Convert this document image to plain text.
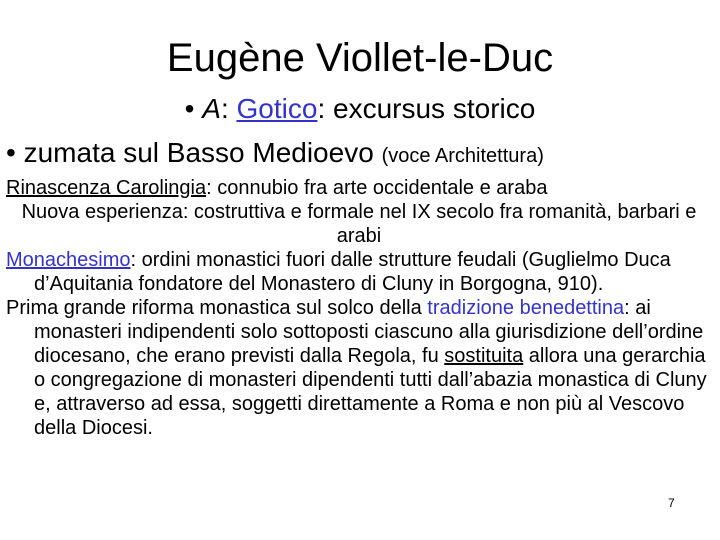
Eugène Viollet-le-Duc
• A: Gotico: excursus storico
• zumata sul Basso Medioevo (voce Architettura)

Rinascenza Carolingia: connubio fra arte occidentale e araba

Nuova esperienza: costruttiva e formale nel IX secolo fra romanità, barbari e arabi

Monachesimo: ordini monastici fuori dalle strutture feudali (Guglielmo Duca d’Aquitania fondatore del Monastero di Cluny in Borgogna, 910).

Prima grande riforma monastica sul solco della tradizione benedettina: ai monasteri indipendenti solo sottoposti ciascuno alla giurisdizione dell’ordine diocesano, che erano previsti dalla Regola, fu sostituita allora una gerarchia o congregazione di monasteri dipendenti tutti dall’abazia monastica di Cluny e, attraverso ad essa, soggetti direttamente a Roma e non più al Vescovo della Diocesi.

7
